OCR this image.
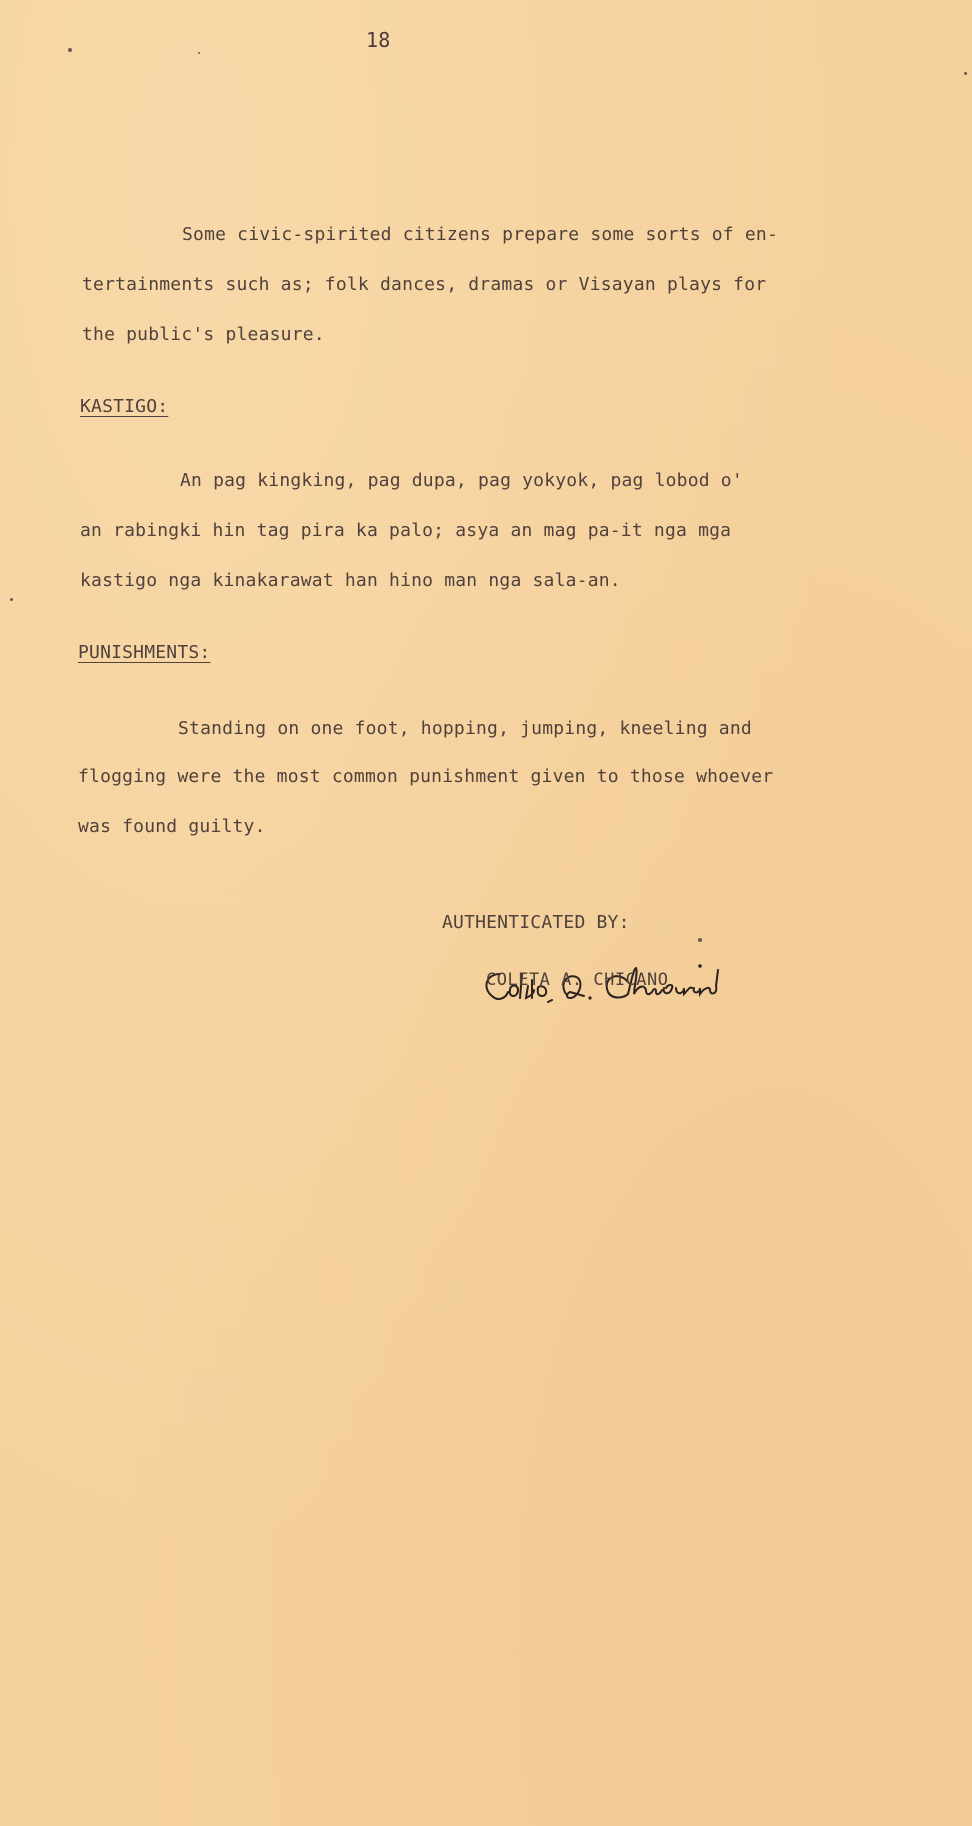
18
Some civic-spirited citizens prepare some sorts of en-
tertainments such as; folk dances, dramas or Visayan plays for
the public's pleasure.
KASTIGO:
An pag kingking, pag dupa, pag yokyok, pag lobod o'
an rabingki hin tag pira ka palo; asya an mag pa-it nga mga
kastigo nga kinakarawat han hino man nga sala-an.
PUNISHMENTS:
Standing on one foot, hopping, jumping, kneeling and
flogging were the most common punishment given to those whoever
was found guilty.
AUTHENTICATED BY:
COLETA A. CHICANO
